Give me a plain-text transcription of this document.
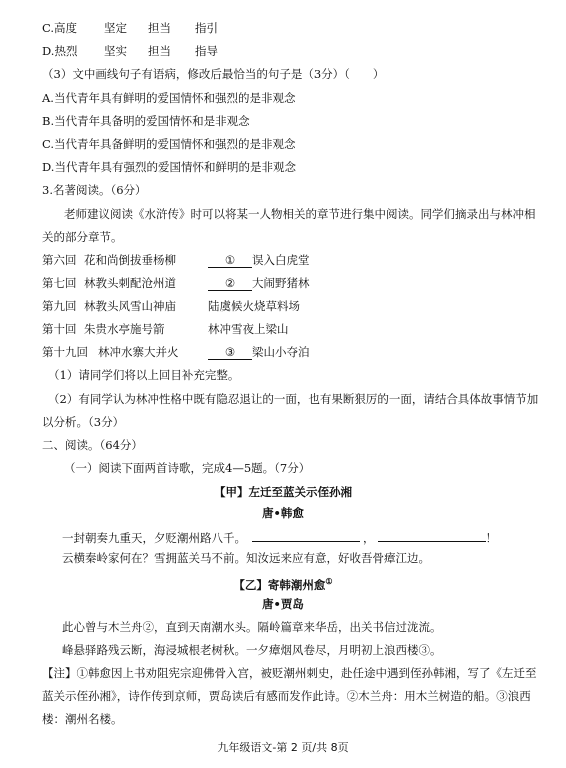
C.高度 坚定 担当 指引
D.热烈 坚实 担当 指导
（3）文中画线句子有语病，修改后最恰当的句子是（3分）（　　）
A.当代青年具有鲜明的爱国情怀和强烈的是非观念
B.当代青年具备明的爱国情怀和是非观念
C.当代青年具备鲜明的爱国情怀和强烈的是非观念
D.当代青年具有强烈的爱国情怀和鲜明的是非观念
3.名著阅读。（6分）
老师建议阅读《水浒传》时可以将某一人物相关的章节进行集中阅读。同学们摘录出与林冲相
关的部分章节。
第六回 花和尚倒拔垂杨柳	① 误入白虎堂
第七回 林教头刺配沧州道	② 大闹野猪林
第九回 林教头风雪山神庙	陆虞候火烧草料场
第十回 朱贵水亭施号箭	林冲雪夜上梁山
第十九回 林冲水寨大并火	③ 梁山小夺泊
（1）请同学们将以上回目补充完整。
（2）有同学认为林冲性格中既有隐忍退让的一面，也有果断狠厉的一面，请结合具体故事情节加
以分析。（3分）
二、阅读。（64分）
（一）阅读下面两首诗歌，完成4—5题。（7分）
【甲】左迁至蓝关示侄孙湘
唐•韩愈
一封朝奏九重天，夕贬潮州路八千。	，	！
云横秦岭家何在？雪拥蓝关马不前。知汝远来应有意，好收吾骨瘴江边。
【乙】寄韩潮州愈①
唐•贾岛
此心曾与木兰舟②，直到天南潮水头。隔岭篇章来华岳，出关书信过泷流。
峰悬驿路残云断，海浸城根老树秋。一夕瘴烟风卷尽，月明初上浪西楼③。
【注】①韩愈因上书劝阻宪宗迎佛骨入宫，被贬潮州刺史，赴任途中遇到侄孙韩湘，写了《左迁至
蓝关示侄孙湘》，诗作传到京师，贾岛读后有感而发作此诗。②木兰舟：用木兰树造的船。③浪西
楼：潮州名楼。
九年级语文-第 2 页/共 8页
